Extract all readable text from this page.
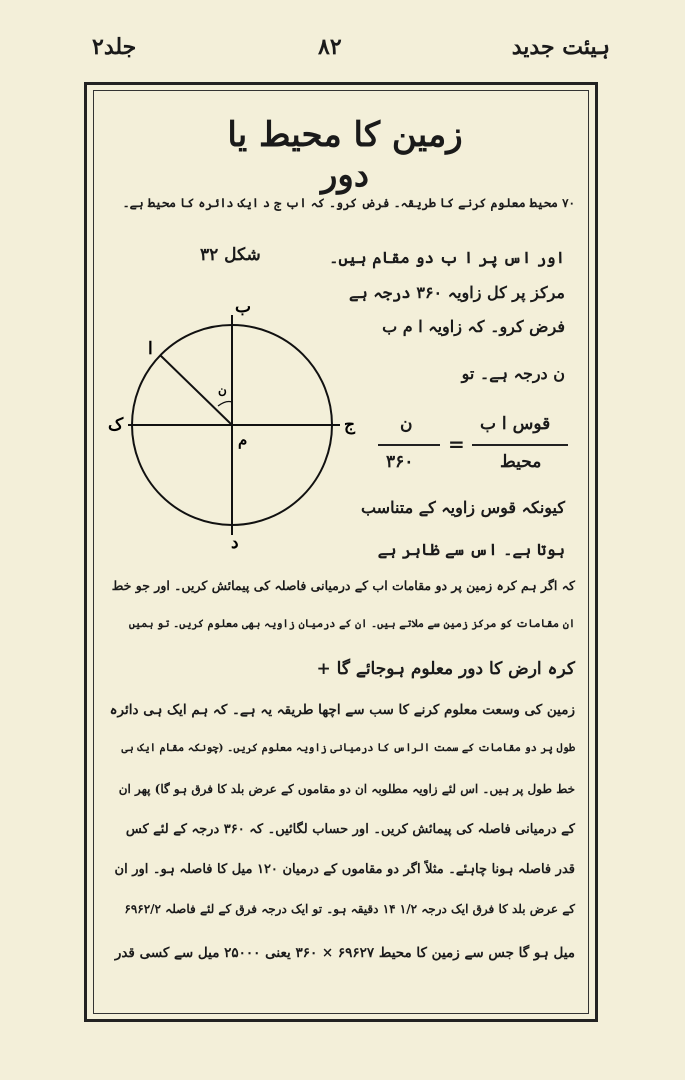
ہیئت جدید
۸۲
جلد۲
زمین کا محیط یا دور
۷۰ محیط معلوم کرنے کا طریقہ۔ فرض کرو۔ کہ اب ج د ایک دائرہ کا محیط ہے۔
شکل ۳۲	اور اس پر ا ب دو مقام ہیں۔
مرکز پر کل زاویہ ۳۶۰ درجہ ہے
فرض کرو۔ کہ زاویہ ا م ب
ن درجہ ہے۔ تو
ب
د
ک	ج
م
ا
ن
قوس ا ب
محیط
=
ن
۳۶۰
کیونکہ قوس زاویہ کے متناسب
ہوتا ہے۔ اس سے ظاہر ہے
کہ اگر ہم کرہ زمین پر دو مقامات اب کے درمیانی فاصلہ کی پیمائش کریں۔ اور جو خط
ان مقامات کو مرکز زمین سے ملاتے ہیں۔ ان کے درمیان زاویہ بھی معلوم کریں۔ تو ہمیں
کرہ ارض کا دور معلوم ہوجائے گا +
زمین کی وسعت معلوم کرنے کا سب سے اچھا طریقہ یہ ہے۔ کہ ہم ایک ہی دائرہ
طول پر دو مقامات کے سمت الراس کا درمیانی زاویہ معلوم کریں۔ (چونکہ مقام ایک ہی
خط طول پر ہیں۔ اس لئے زاویہ مطلوبہ ان دو مقاموں کے عرض بلد کا فرق ہو گا) پھر ان
کے درمیانی فاصلہ کی پیمائش کریں۔ اور حساب لگائیں۔ کہ ۳۶۰ درجہ کے لئے کس
قدر فاصلہ ہونا چاہئے۔ مثلاً اگر دو مقاموں کے درمیان ۱۲۰ میل کا فاصلہ ہو۔ اور ان
کے عرض بلد کا فرق ایک درجہ ۱/۲ ۱۴ دقیقہ ہو۔ تو ایک درجہ فرق کے لئے فاصلہ ۶۹۶۲/۲
میل ہو گا جس سے زمین کا محیط ۶۹۶۲۷ × ۳۶۰ یعنی ۲۵۰۰۰ میل سے کسی قدر
